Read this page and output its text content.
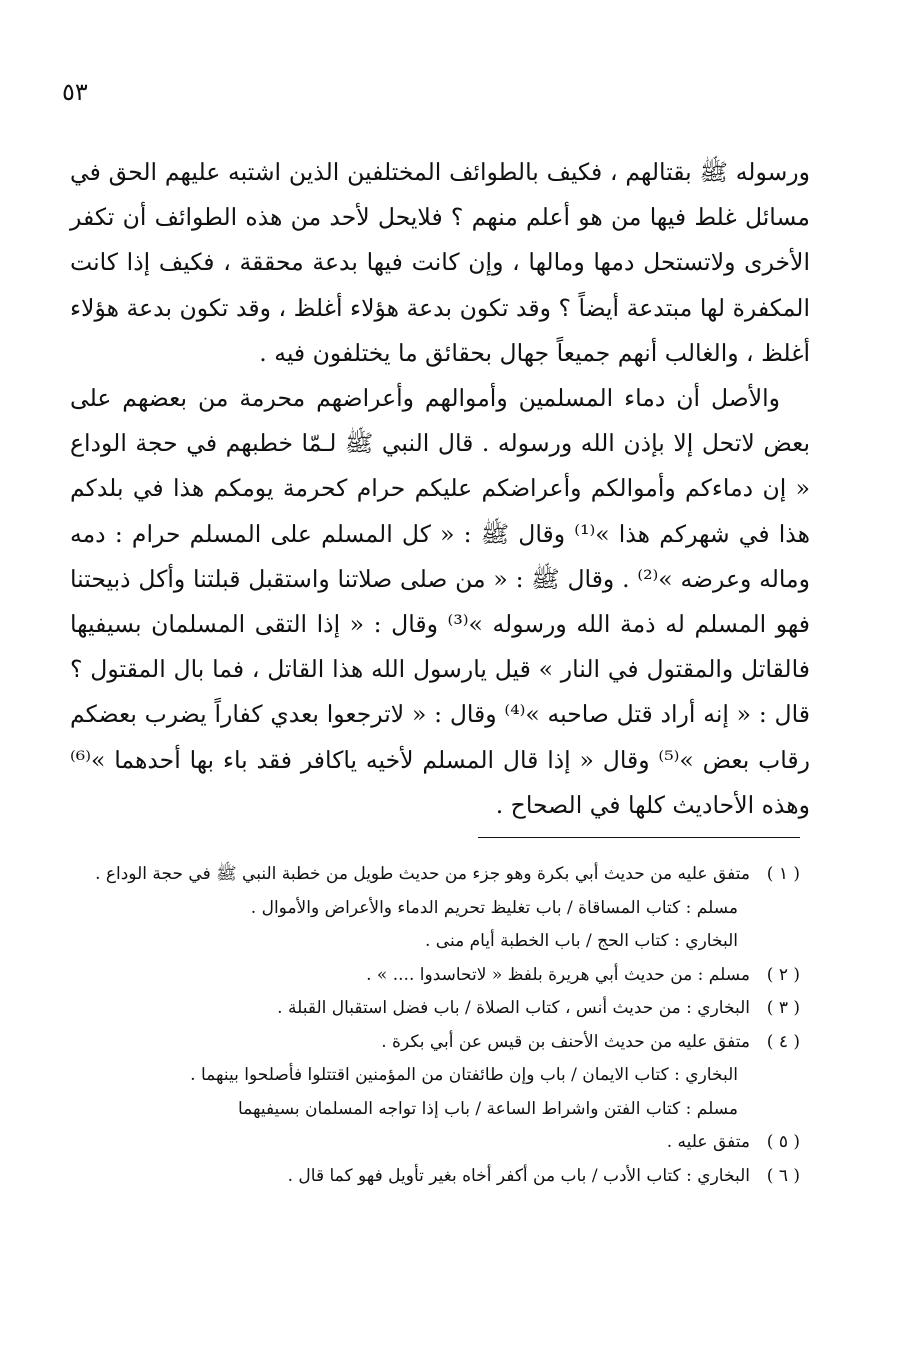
٥٣

ورسوله ﷺ بقتالهم ، فكيف بالطوائف المختلفين الذين اشتبه عليهم الحق في مسائل غلط فيها من هو أعلم منهم ؟ فلايحل لأحد من هذه الطوائف أن تكفر الأخرى ولاتستحل دمها ومالها ، وإن كانت فيها بدعة محققة ، فكيف إذا كانت المكفرة لها مبتدعة أيضاً ؟ وقد تكون بدعة هؤلاء أغلظ ، وقد تكون بدعة هؤلاء أغلظ ، والغالب أنهم جميعاً جهال بحقائق ما يختلفون فيه .

والأصل أن دماء المسلمين وأموالهم وأعراضهم محرمة من بعضهم على بعض لاتحل إلا بإذن الله ورسوله . قال النبي ﷺ لـمّا خطبهم في حجة الوداع « إن دماءكم وأموالكم وأعراضكم عليكم حرام كحرمة يومكم هذا في بلدكم هذا في شهركم هذا »⁽¹⁾ وقال ﷺ : « كل المسلم على المسلم حرام : دمه وماله وعرضه »⁽²⁾ . وقال ﷺ : « من صلى صلاتنا واستقبل قبلتنا وأكل ذبيحتنا فهو المسلم له ذمة الله ورسوله »⁽³⁾ وقال : « إذا التقى المسلمان بسيفيها فالقاتل والمقتول في النار » قيل يارسول الله هذا القاتل ، فما بال المقتول ؟ قال : « إنه أراد قتل صاحبه »⁽⁴⁾ وقال : « لاترجعوا بعدي كفاراً يضرب بعضكم رقاب بعض »⁽⁵⁾ وقال « إذا قال المسلم لأخيه ياكافر فقد باء بها أحدهما »⁽⁶⁾ وهذه الأحاديث كلها في الصحاح .

( ١ )متفق عليه من حديث أبي بكرة وهو جزء من حديث طويل من خطبة النبي ﷺ في حجة الوداع .

مسلم : كتاب المساقاة / باب تغليظ تحريم الدماء والأعراض والأموال .

البخاري : كتاب الحج / باب الخطبة أيام منى .

( ٢ )مسلم : من حديث أبي هريرة بلفظ « لاتحاسدوا .... » .

( ٣ )البخاري : من حديث أنس ، كتاب الصلاة / باب فضل استقبال القبلة .

( ٤ )متفق عليه من حديث الأحنف بن قيس عن أبي بكرة .

البخاري : كتاب الايمان / باب وإن طائفتان من المؤمنين اقتتلوا فأصلحوا بينهما .

مسلم : كتاب الفتن واشراط الساعة / باب إذا تواجه المسلمان بسيفيهما

( ٥ )متفق عليه .

( ٦ )البخاري : كتاب الأدب / باب من أكفر أخاه بغير تأويل فهو كما قال .
